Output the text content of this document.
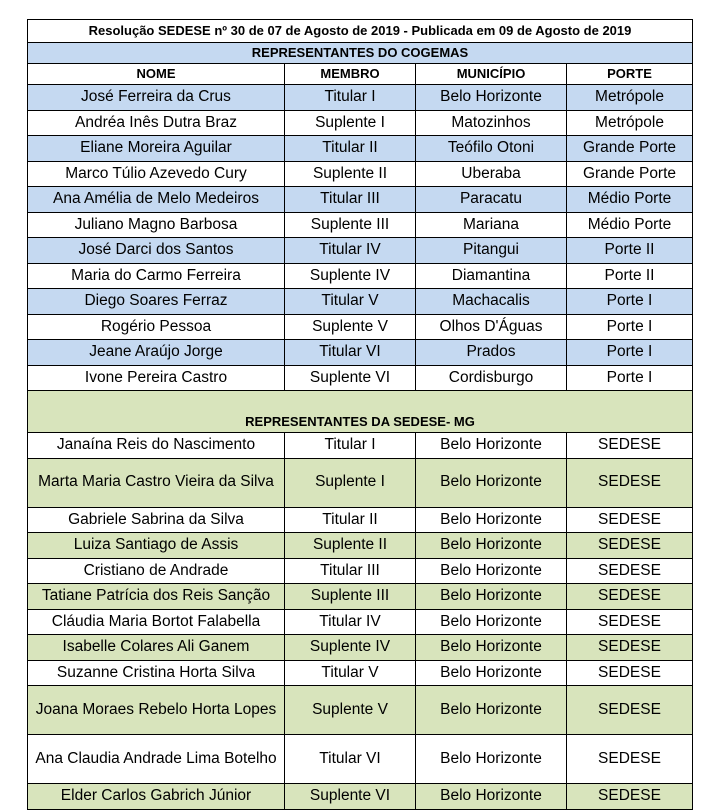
Resolução SEDESE nº 30 de 07 de Agosto de 2019 - Publicada em 09 de Agosto de 2019			
REPRESENTANTES DO COGEMAS			
NOME	MEMBRO	MUNICÍPIO	PORTE
José Ferreira da Crus	Titular I	Belo Horizonte	Metrópole
Andréa Inês Dutra Braz	Suplente I	Matozinhos	Metrópole
Eliane Moreira Aguilar	Titular II	Teófilo Otoni	Grande Porte
Marco Túlio Azevedo Cury	Suplente II	Uberaba	Grande Porte
Ana Amélia de Melo Medeiros	Titular III	Paracatu	Médio Porte
Juliano Magno Barbosa	Suplente III	Mariana	Médio Porte
José Darci dos Santos	Titular IV	Pitangui	Porte II
Maria do Carmo Ferreira	Suplente IV	Diamantina	Porte II
Diego Soares Ferraz	Titular V	Machacalis	Porte I
Rogério Pessoa	Suplente V	Olhos D'Águas	Porte I
Jeane Araújo Jorge	Titular VI	Prados	Porte I
Ivone Pereira Castro	Suplente VI	Cordisburgo	Porte I
REPRESENTANTES DA SEDESE- MG			
Janaína Reis do Nascimento	Titular I	Belo Horizonte	SEDESE
Marta Maria Castro Vieira da Silva	Suplente I	Belo Horizonte	SEDESE
Gabriele Sabrina da Silva	Titular II	Belo Horizonte	SEDESE
Luiza Santiago de Assis	Suplente II	Belo Horizonte	SEDESE
Cristiano de Andrade	Titular III	Belo Horizonte	SEDESE
Tatiane Patrícia dos Reis Sanção	Suplente III	Belo Horizonte	SEDESE
Cláudia Maria Bortot Falabella	Titular IV	Belo Horizonte	SEDESE
Isabelle Colares Ali Ganem	Suplente IV	Belo Horizonte	SEDESE
Suzanne Cristina Horta Silva	Titular V	Belo Horizonte	SEDESE
Joana Moraes Rebelo Horta Lopes	Suplente V	Belo Horizonte	SEDESE
Ana Claudia Andrade Lima Botelho	Titular VI	Belo Horizonte	SEDESE
Elder Carlos Gabrich Júnior	Suplente VI	Belo Horizonte	SEDESE
